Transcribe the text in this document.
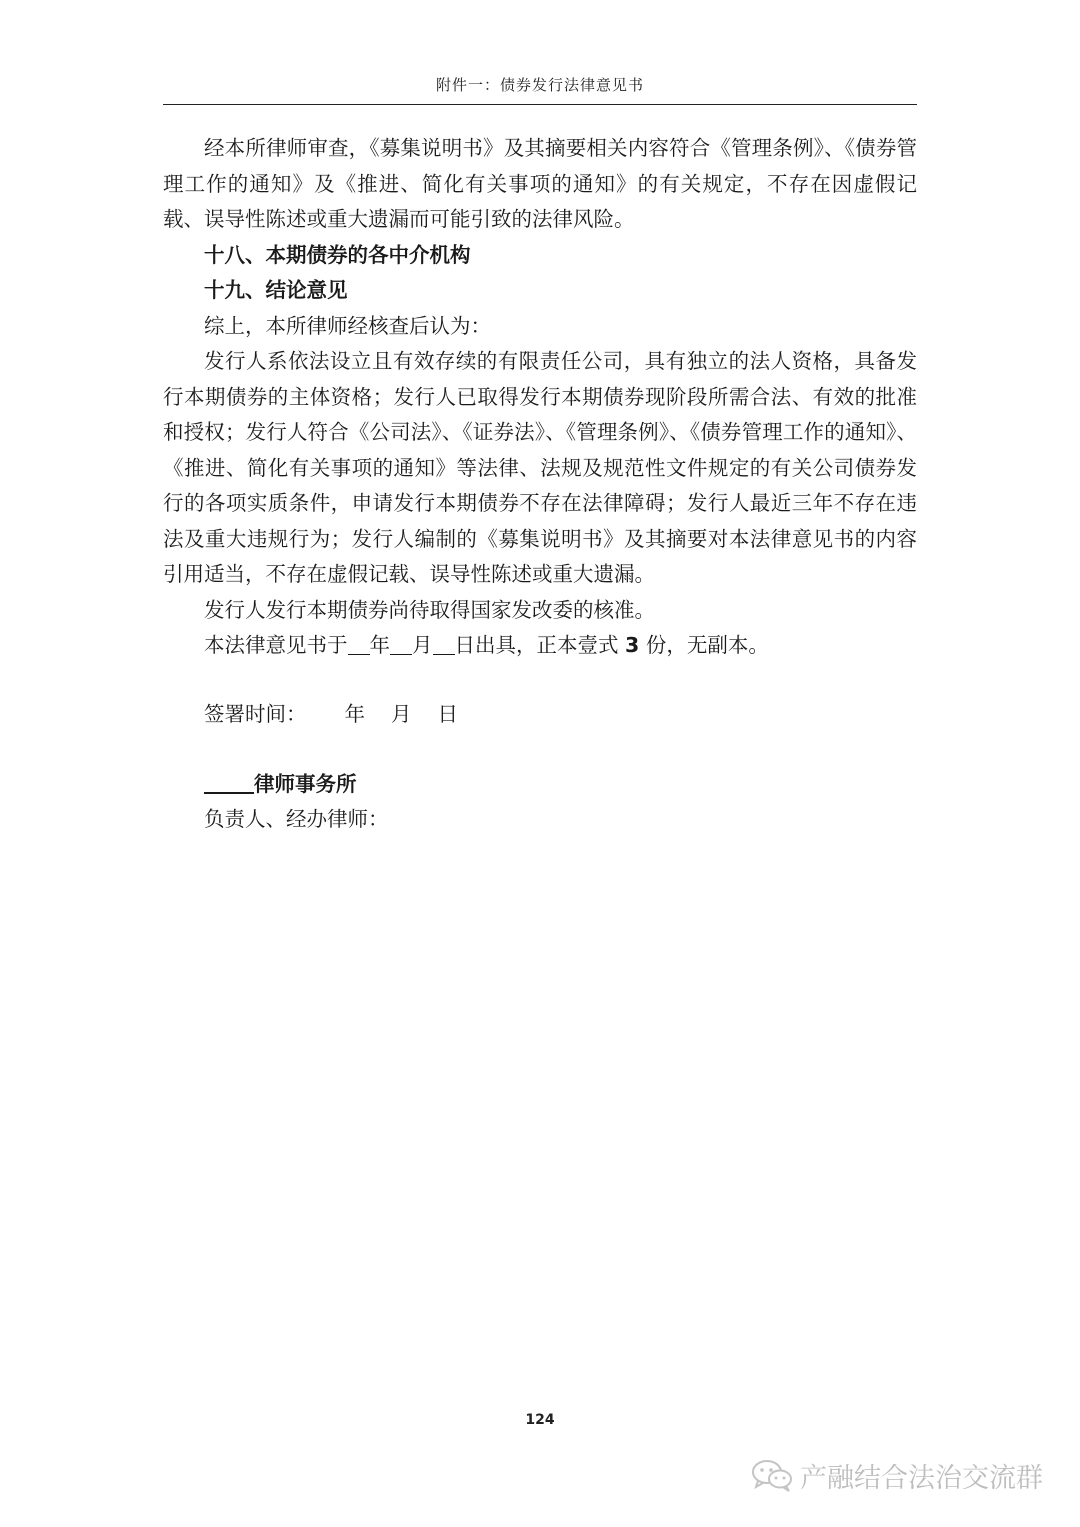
附件一：债券发行法律意见书

经本所律师审查，《募集说明书》及其摘要相关内容符合《管理条例》、《债券管理工作的通知》及《推进、简化有关事项的通知》的有关规定，不存在因虚假记载、误导性陈述或重大遗漏而可能引致的法律风险。

十八、本期债券的各中介机构

十九、结论意见

综上，本所律师经核查后认为：

发行人系依法设立且有效存续的有限责任公司，具有独立的法人资格，具备发行本期债券的主体资格；发行人已取得发行本期债券现阶段所需合法、有效的批准和授权；发行人符合《公司法》、《证券法》、《管理条例》、《债券管理工作的通知》、《推进、简化有关事项的通知》等法律、法规及规范性文件规定的有关公司债券发行的各项实质条件，申请发行本期债券不存在法律障碍；发行人最近三年不存在违法及重大违规行为；发行人编制的《募集说明书》及其摘要对本法律意见书的内容引用适当，不存在虚假记载、误导性陈述或重大遗漏。

发行人发行本期债券尚待取得国家发改委的核准。

本法律意见书于 年 月 日出具，正本壹式 3 份，无副本。

签署时间： 年 月 日
律师事务所
负责人、经办律师：
124
产融结合法治交流群
